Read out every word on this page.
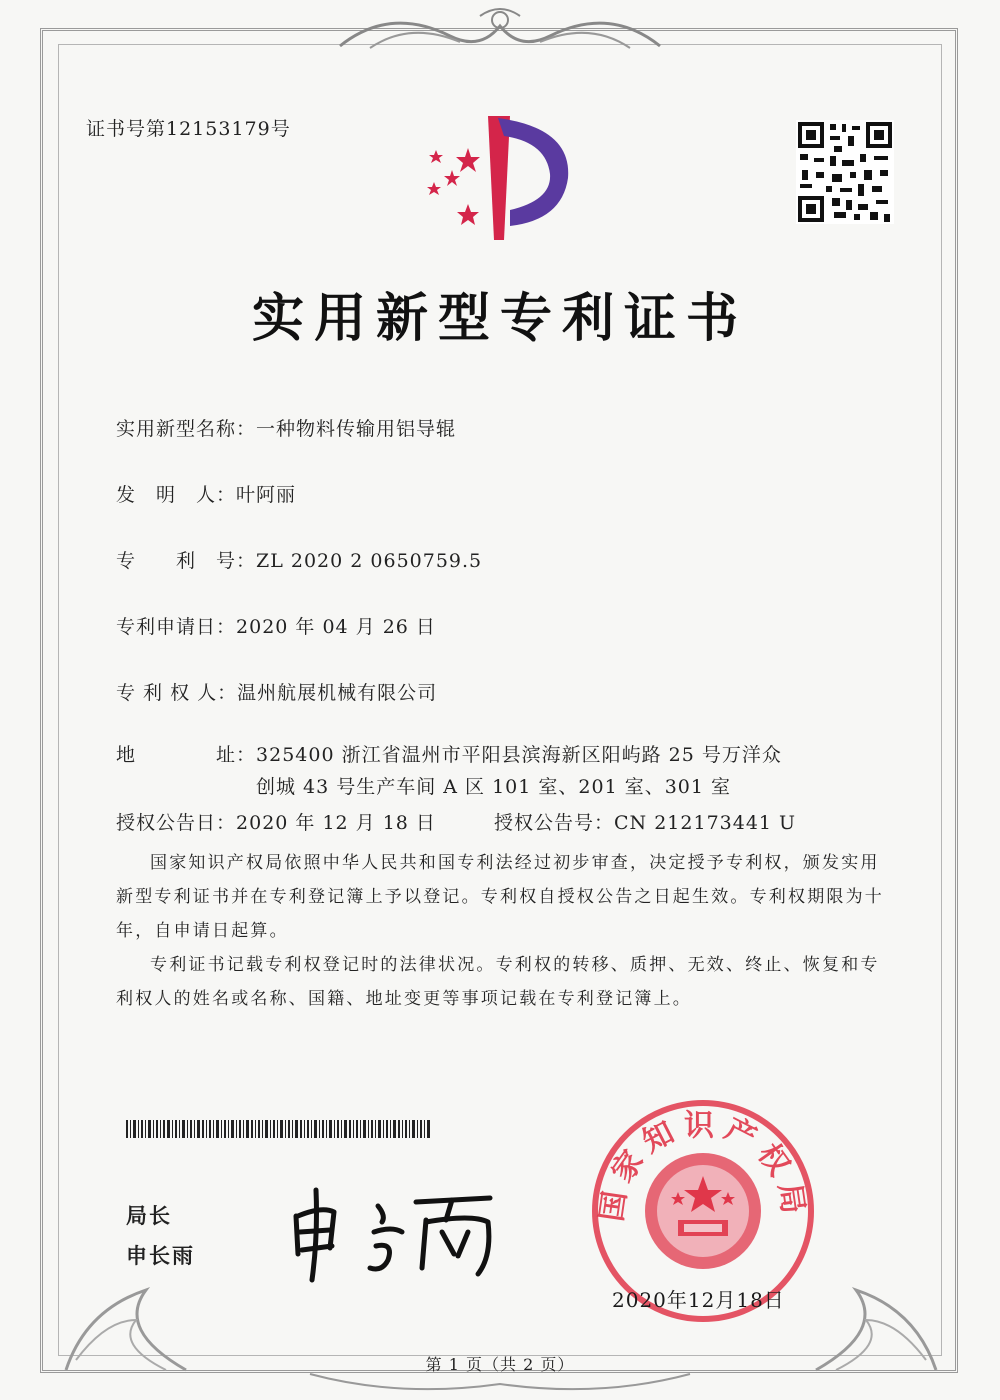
证书号第12153179号
实用新型专利证书
实用新型名称：一种物料传输用铝导辊
发　明　人：叶阿丽
专　　利　号：ZL 2020 2 0650759.5
专利申请日：2020 年 04 月 26 日
专 利 权 人：温州航展机械有限公司
地　　　　址：325400 浙江省温州市平阳县滨海新区阳屿路 25 号万洋众
创城 43 号生产车间 A 区 101 室、201 室、301 室
授权公告日：2020 年 12 月 18 日	授权公告号：CN 212173441 U

国家知识产权局依照中华人民共和国专利法经过初步审查，决定授予专利权，颁发实用新型专利证书并在专利登记簿上予以登记。专利权自授权公告之日起生效。专利权期限为十年，自申请日起算。

专利证书记载专利权登记时的法律状况。专利权的转移、质押、无效、终止、恢复和专利权人的姓名或名称、国籍、地址变更等事项记载在专利登记簿上。

局长
申长雨
国家知识产权局
2020年12月18日
第 1 页（共 2 页）
